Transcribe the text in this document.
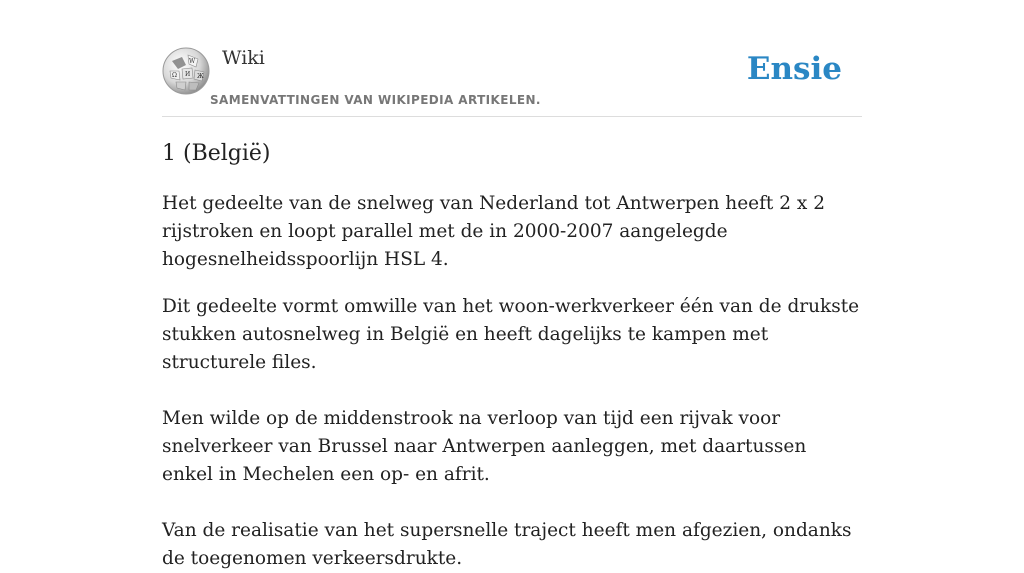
W
Ω И Ж
Wiki
SAMENVATTINGEN VAN WIKIPEDIA ARTIKELEN.
Ensie
1 (België)

Het gedeelte van de snelweg van Nederland tot Antwerpen heeft 2 x 2 rijstroken en loopt parallel met de in 2000-2007 aangelegde hogesnelheidsspoorlijn HSL 4.

Dit gedeelte vormt omwille van het woon-werkverkeer één van de drukste stukken autosnelweg in België en heeft dagelijks te kampen met structurele files.

Men wilde op de middenstrook na verloop van tijd een rijvak voor snelverkeer van Brussel naar Antwerpen aanleggen, met daartussen enkel in Mechelen een op- en afrit.

Van de realisatie van het supersnelle traject heeft men afgezien, ondanks de toegenomen verkeersdrukte.
